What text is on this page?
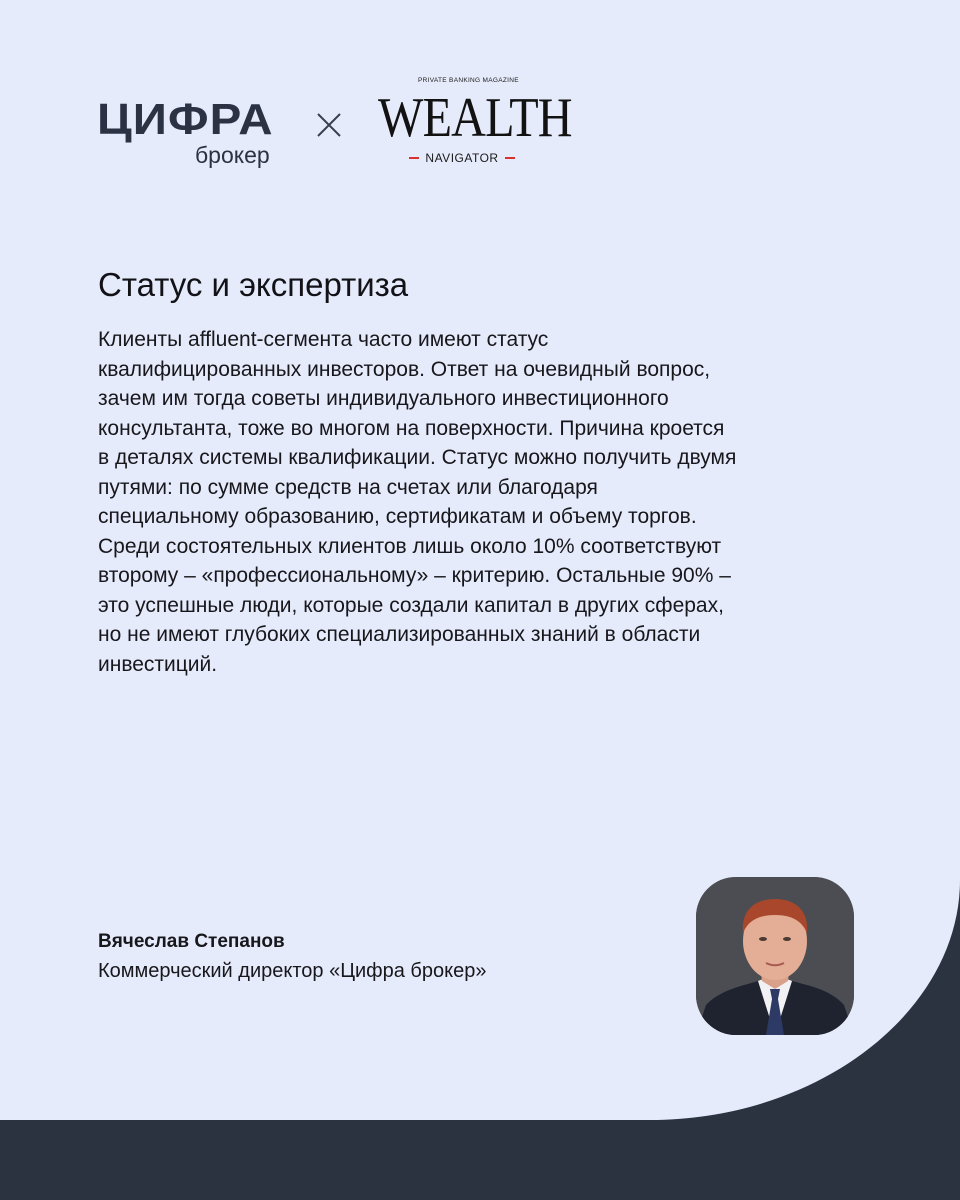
ЦИФРА
брокер
PRIVATE BANKING MAGAZINE
WEALTH
NAVIGATOR
Статус и экспертиза

Клиенты affluent-сегмента часто имеют статус
квалифицированных инвесторов. Ответ на очевидный вопрос,
зачем им тогда советы индивидуального инвестиционного
консультанта, тоже во многом на поверхности. Причина кроется
в деталях системы квалификации. Статус можно получить двумя
путями: по сумме средств на счетах или благодаря
специальному образованию, сертификатам и объему торгов.
Среди состоятельных клиентов лишь около 10% соответствуют
второму – «профессиональному» – критерию. Остальные 90% –
это успешные люди, которые создали капитал в других сферах,
но не имеют глубоких специализированных знаний в области
инвестиций.

Вячеслав Степанов
Коммерческий директор «Цифра брокер»
